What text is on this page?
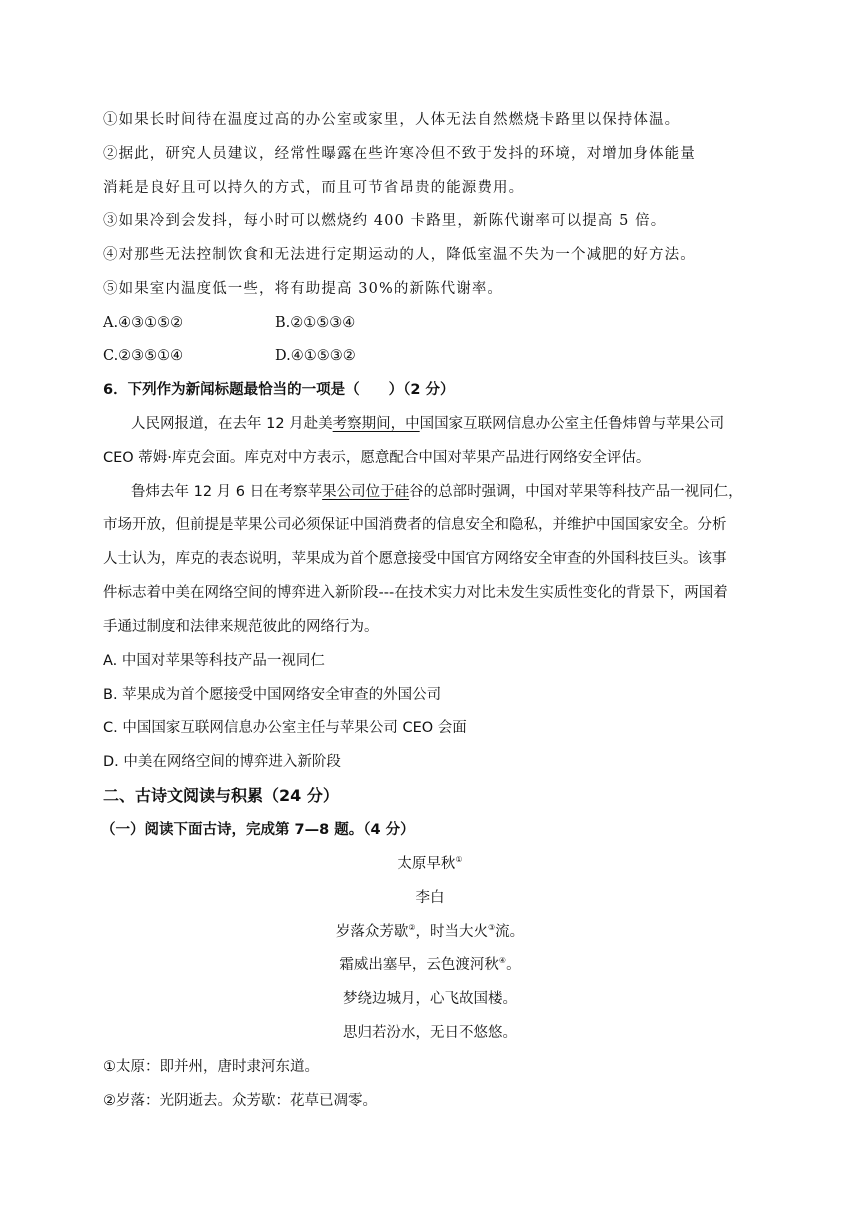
①如果长时间待在温度过高的办公室或家里，人体无法自然燃烧卡路里以保持体温。
②据此，研究人员建议，经常性曝露在些许寒冷但不致于发抖的环境，对增加身体能量
消耗是良好且可以持久的方式，而且可节省昂贵的能源费用。
③如果冷到会发抖，每小时可以燃烧约 400 卡路里，新陈代谢率可以提高 5 倍。
④对那些无法控制饮食和无法进行定期运动的人，降低室温不失为一个减肥的好方法。
⑤如果室内温度低一些，将有助提高 30%的新陈代谢率。
A.④③①⑤②	B.②①⑤③④
C.②③⑤①④	D.④①⑤③②
6．下列作为新闻标题最恰当的一项是（　　）（2 分）
人民网报道，在去年 12 月赴美考察期间，中国国家互联网信息办公室主任鲁炜曾与苹果公司
CEO 蒂姆·库克会面。库克对中方表示，愿意配合中国对苹果产品进行网络安全评估。
鲁炜去年 12 月 6 日在考察苹果公司位于硅谷的总部时强调，中国对苹果等科技产品一视同仁，
市场开放，但前提是苹果公司必须保证中国消费者的信息安全和隐私，并维护中国国家安全。分析
人士认为，库克的表态说明，苹果成为首个愿意接受中国官方网络安全审查的外国科技巨头。该事
件标志着中美在网络空间的博弈进入新阶段---在技术实力对比未发生实质性变化的背景下，两国着
手通过制度和法律来规范彼此的网络行为。
A. 中国对苹果等科技产品一视同仁
B. 苹果成为首个愿接受中国网络安全审查的外国公司
C. 中国国家互联网信息办公室主任与苹果公司 CEO 会面
D. 中美在网络空间的博弈进入新阶段
二、古诗文阅读与积累（24 分）
（一）阅读下面古诗，完成第 7—8 题。（4 分）
太原早秋①
李白
岁落众芳歇②，时当大火③流。
霜威出塞早，云色渡河秋④。
梦绕边城月，心飞故国楼。
思归若汾水，无日不悠悠。
①太原：即并州，唐时隶河东道。
②岁落：光阴逝去。众芳歇：花草已凋零。
